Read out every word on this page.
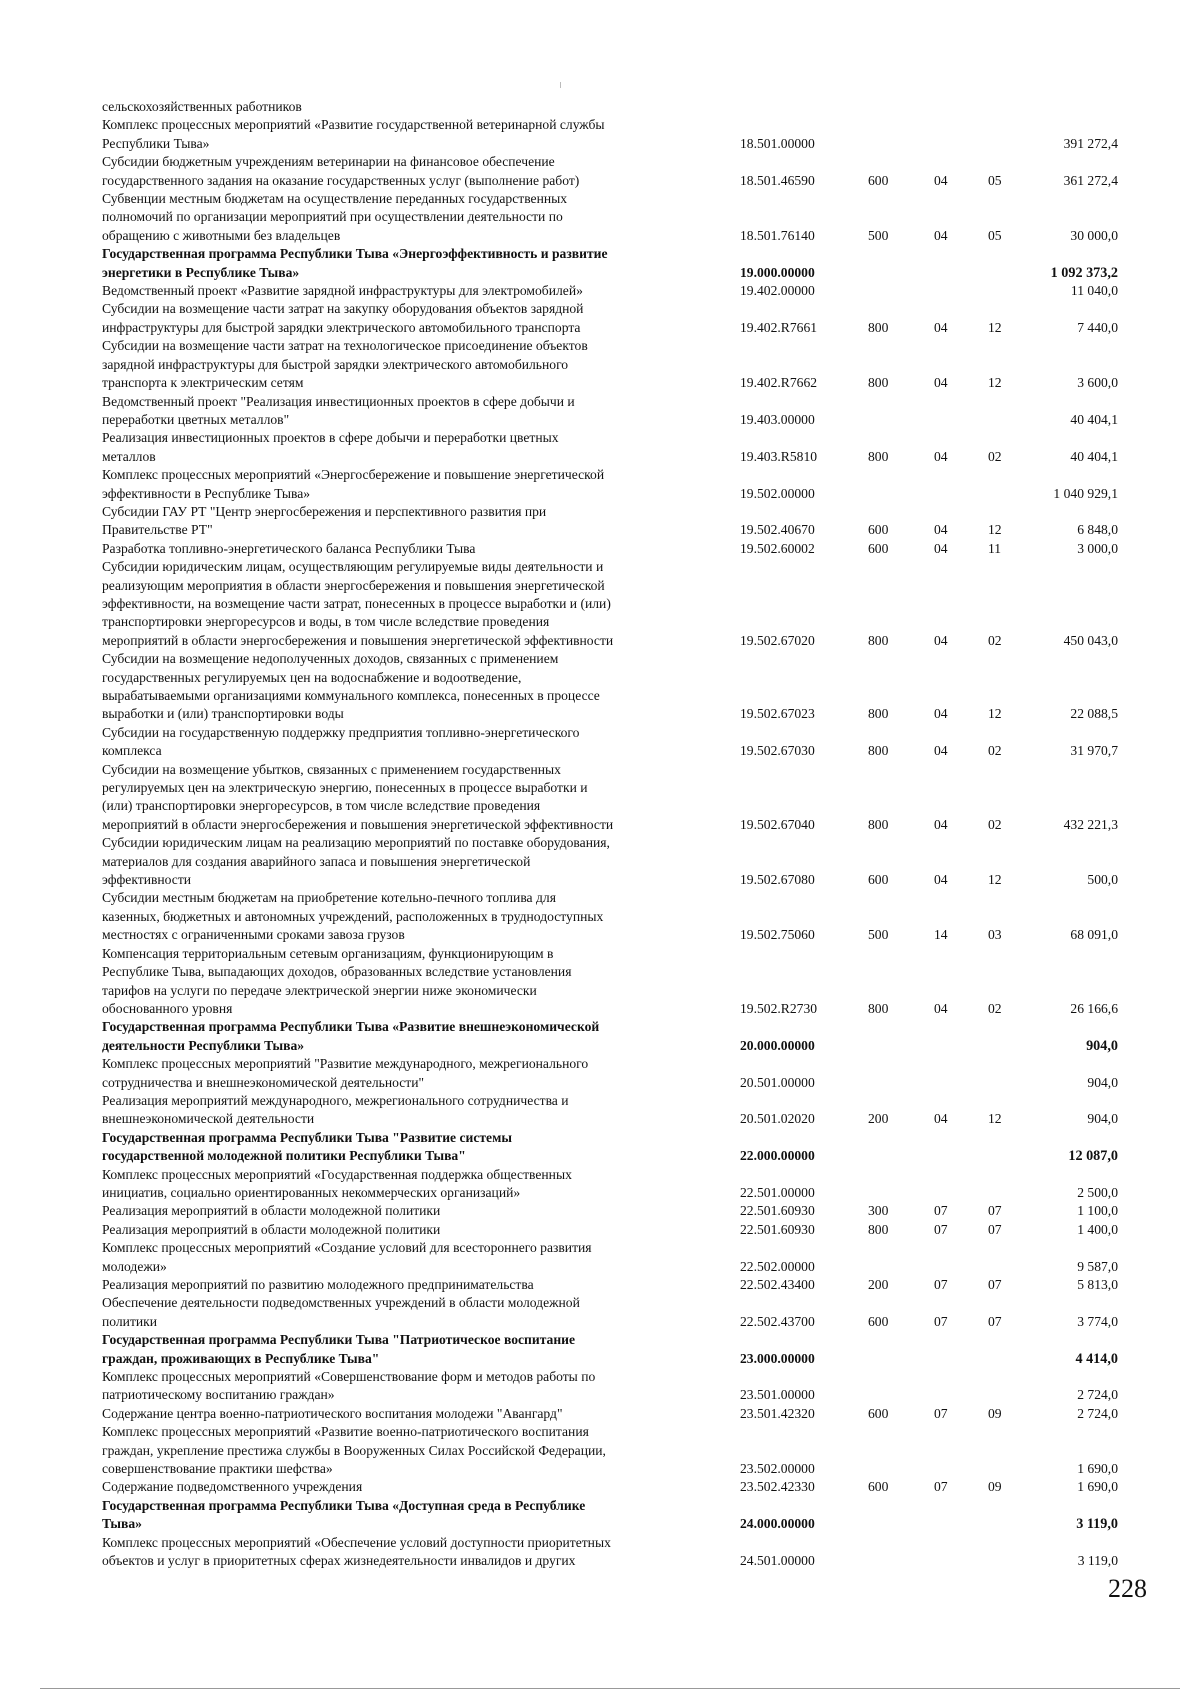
сельскохозяйственных работников
Комплекс процессных мероприятий «Развитие государственной ветеринарной службы
Республики Тыва»	18.501.00000	391 272,4
Субсидии бюджетным учреждениям ветеринарии на финансовое обеспечение
государственного задания на оказание государственных услуг (выполнение работ)	18.501.46590	600	04	05	361 272,4
Субвенции местным бюджетам на осуществление переданных государственных
полномочий по организации мероприятий при осуществлении деятельности по
обращению с животными без владельцев	18.501.76140	500	04	05	30 000,0
Государственная программа Республики Тыва «Энергоэффективность и развитие
энергетики в Республике Тыва»	19.000.00000	1 092 373,2
Ведомственный проект «Развитие зарядной инфраструктуры для электромобилей»	19.402.00000	11 040,0
Субсидии на возмещение части затрат на закупку оборудования объектов зарядной
инфраструктуры для быстрой зарядки электрического автомобильного транспорта	19.402.R7661	800	04	12	7 440,0
Субсидии на возмещение части затрат на технологическое присоединение объектов
зарядной инфраструктуры для быстрой зарядки электрического автомобильного
транспорта к электрическим сетям	19.402.R7662	800	04	12	3 600,0
Ведомственный проект "Реализация инвестиционных проектов в сфере добычи и
переработки цветных металлов"	19.403.00000	40 404,1
Реализация инвестиционных проектов в сфере добычи и переработки цветных
металлов	19.403.R5810	800	04	02	40 404,1
Комплекс процессных мероприятий «Энергосбережение и повышение энергетической
эффективности в Республике Тыва»	19.502.00000	1 040 929,1
Субсидии ГАУ РТ "Центр энергосбережения и перспективного развития при
Правительстве РТ"	19.502.40670	600	04	12	6 848,0
Разработка топливно-энергетического баланса Республики Тыва	19.502.60002	600	04	11	3 000,0
Субсидии юридическим лицам, осуществляющим регулируемые виды деятельности и
реализующим мероприятия в области энергосбережения и повышения энергетической
эффективности, на возмещение части затрат, понесенных в процессе выработки и (или)
транспортировки энергоресурсов и воды, в том числе вследствие проведения
мероприятий в области энергосбережения и повышения энергетической эффективности	19.502.67020	800	04	02	450 043,0
Субсидии на возмещение недополученных доходов, связанных с применением
государственных регулируемых цен на водоснабжение и водоотведение,
вырабатываемыми организациями коммунального комплекса, понесенных в процессе
выработки и (или) транспортировки воды	19.502.67023	800	04	12	22 088,5
Субсидии на государственную поддержку предприятия топливно-энергетического
комплекса	19.502.67030	800	04	02	31 970,7
Субсидии на возмещение убытков, связанных с применением государственных
регулируемых цен на электрическую энергию, понесенных в процессе выработки и
(или) транспортировки энергоресурсов, в том числе вследствие проведения
мероприятий в области энергосбережения и повышения энергетической эффективности	19.502.67040	800	04	02	432 221,3
Субсидии юридическим лицам на реализацию мероприятий по поставке оборудования,
материалов для создания аварийного запаса и повышения энергетической
эффективности	19.502.67080	600	04	12	500,0
Субсидии местным бюджетам на приобретение котельно-печного топлива для
казенных, бюджетных и автономных учреждений, расположенных в труднодоступных
местностях с ограниченными сроками завоза грузов	19.502.75060	500	14	03	68 091,0
Компенсация территориальным сетевым организациям, функционирующим в
Республике Тыва, выпадающих доходов, образованных вследствие установления
тарифов на услуги по передаче электрической энергии ниже экономически
обоснованного уровня	19.502.R2730	800	04	02	26 166,6
Государственная программа Республики Тыва «Развитие внешнеэкономической
деятельности Республики Тыва»	20.000.00000	904,0
Комплекс процессных мероприятий "Развитие международного, межрегионального
сотрудничества и внешнеэкономической деятельности"	20.501.00000	904,0
Реализация мероприятий международного, межрегионального сотрудничества и
внешнеэкономической деятельности	20.501.02020	200	04	12	904,0
Государственная программа Республики Тыва "Развитие системы
государственной молодежной политики Республики Тыва"	22.000.00000	12 087,0
Комплекс процессных мероприятий «Государственная поддержка общественных
инициатив, социально ориентированных некоммерческих организаций»	22.501.00000	2 500,0
Реализация мероприятий в области молодежной политики	22.501.60930	300	07	07	1 100,0
Реализация мероприятий в области молодежной политики	22.501.60930	800	07	07	1 400,0
Комплекс процессных мероприятий «Создание условий для всестороннего развития
молодежи»	22.502.00000	9 587,0
Реализация мероприятий по развитию молодежного предпринимательства	22.502.43400	200	07	07	5 813,0
Обеспечение деятельности подведомственных учреждений в области молодежной
политики	22.502.43700	600	07	07	3 774,0
Государственная программа Республики Тыва "Патриотическое воспитание
граждан, проживающих в Республике Тыва"	23.000.00000	4 414,0
Комплекс процессных мероприятий «Совершенствование форм и методов работы по
патриотическому воспитанию граждан»	23.501.00000	2 724,0
Содержание центра военно-патриотического воспитания молодежи "Авангард"	23.501.42320	600	07	09	2 724,0
Комплекс процессных мероприятий «Развитие военно-патриотического воспитания
граждан, укрепление престижа службы в Вооруженных Силах Российской Федерации,
совершенствование практики шефства»	23.502.00000	1 690,0
Содержание подведомственного учреждения	23.502.42330	600	07	09	1 690,0
Государственная программа Республики Тыва «Доступная среда в Республике
Тыва»	24.000.00000	3 119,0
Комплекс процессных мероприятий «Обеспечение условий доступности приоритетных
объектов и услуг в приоритетных сферах жизнедеятельности инвалидов и других	24.501.00000	3 119,0
228
